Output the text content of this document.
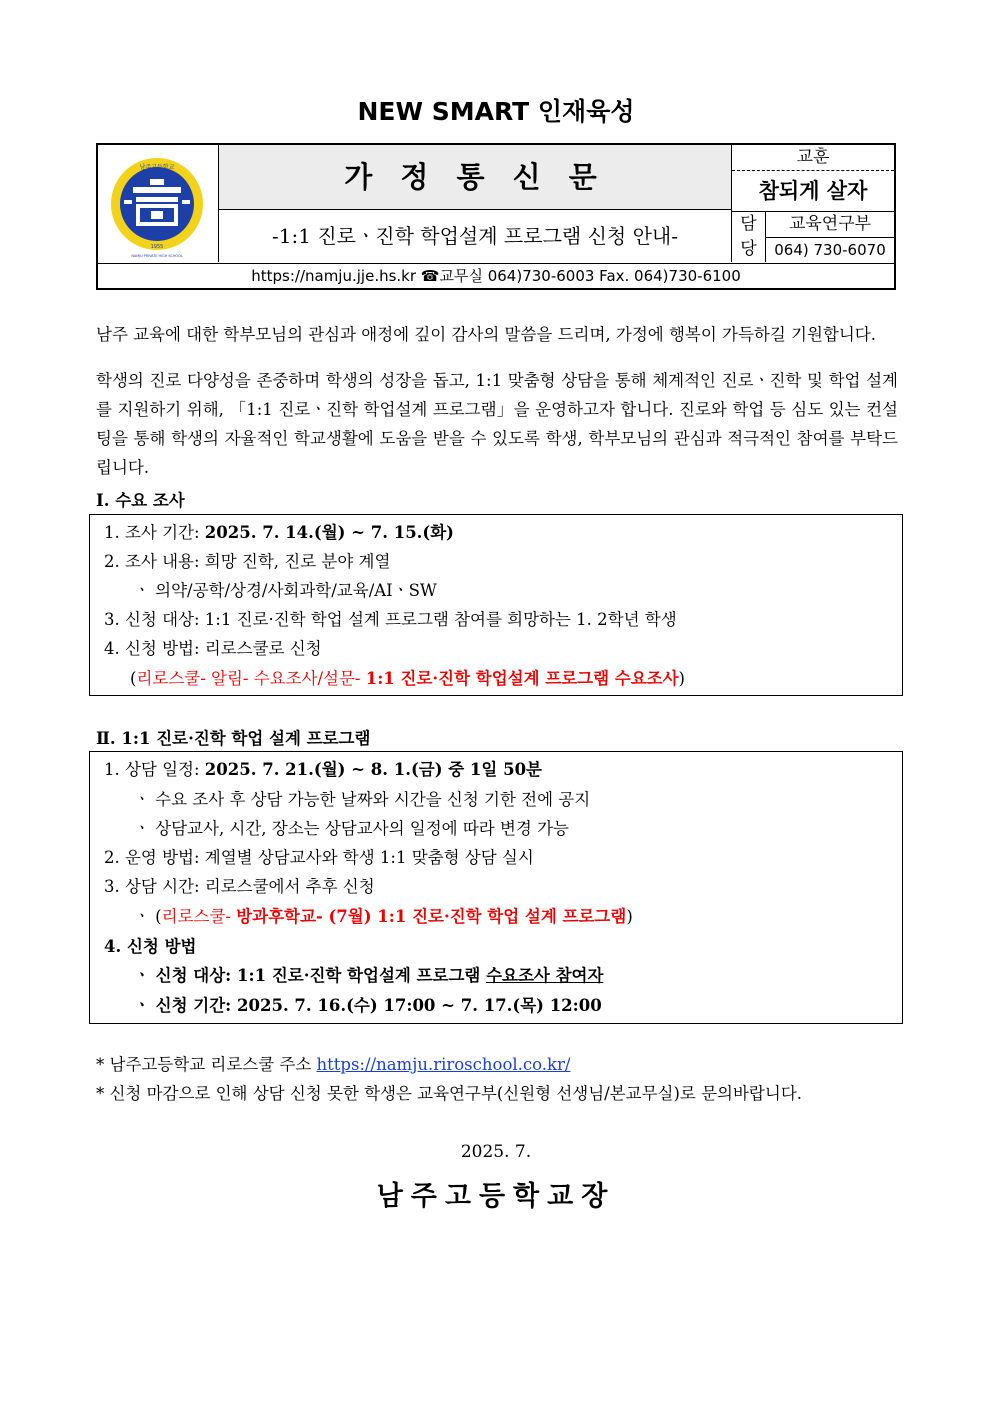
NEW SMART 인재육성
남주고등학교
1955
NAMJU PRIVATE HIGH SCHOOL
가 정 통 신 문
-1:1 진로ㆍ진학 학업설계 프로그램 신청 안내-
교훈
참되게 살자
담
당
교육연구부
064) 730-6070
https://namju.jje.hs.kr ☎교무실 064)730-6003 Fax. 064)730-6100
남주 교육에 대한 학부모님의 관심과 애정에 깊이 감사의 말씀을 드리며, 가정에 행복이 가득하길 기원합니다.
학생의 진로 다양성을 존중하며 학생의 성장을 돕고, 1:1 맞춤형 상담을 통해 체계적인 진로ㆍ진학 및 학업 설계를 지원하기 위해, 「1:1 진로ㆍ진학 학업설계 프로그램」을 운영하고자 합니다. 진로와 학업 등 심도 있는 컨설팅을 통해 학생의 자율적인 학교생활에 도움을 받을 수 있도록 학생, 학부모님의 관심과 적극적인 참여를 부탁드립니다.
Ⅰ. 수요 조사
1. 조사 기간: 2025. 7. 14.(월) ~ 7. 15.(화)
2. 조사 내용: 희망 진학, 진로 분야 계열
ㆍ 의약/공학/상경/사회과학/교육/AIㆍSW
3. 신청 대상: 1:1 진로·진학 학업 설계 프로그램 참여를 희망하는 1. 2학년 학생
4. 신청 방법: 리로스쿨로 신청
(리로스쿨- 알림- 수요조사/설문- 1:1 진로·진학 학업설계 프로그램 수요조사)
Ⅱ. 1:1 진로·진학 학업 설계 프로그램
1. 상담 일정: 2025. 7. 21.(월) ~ 8. 1.(금) 중 1일 50분
ㆍ 수요 조사 후 상담 가능한 날짜와 시간을 신청 기한 전에 공지
ㆍ 상담교사, 시간, 장소는 상담교사의 일정에 따라 변경 가능
2. 운영 방법: 계열별 상담교사와 학생 1:1 맞춤형 상담 실시
3. 상담 시간: 리로스쿨에서 추후 신청
ㆍ (리로스쿨- 방과후학교- (7월) 1:1 진로·진학 학업 설계 프로그램)
4. 신청 방법
ㆍ 신청 대상: 1:1 진로·진학 학업설계 프로그램 수요조사 참여자
ㆍ 신청 기간: 2025. 7. 16.(수) 17:00 ~ 7. 17.(목) 12:00
* 남주고등학교 리로스쿨 주소 https://namju.riroschool.co.kr/
* 신청 마감으로 인해 상담 신청 못한 학생은 교육연구부(신원형 선생님/본교무실)로 문의바랍니다.
2025. 7.
남주고등학교장
